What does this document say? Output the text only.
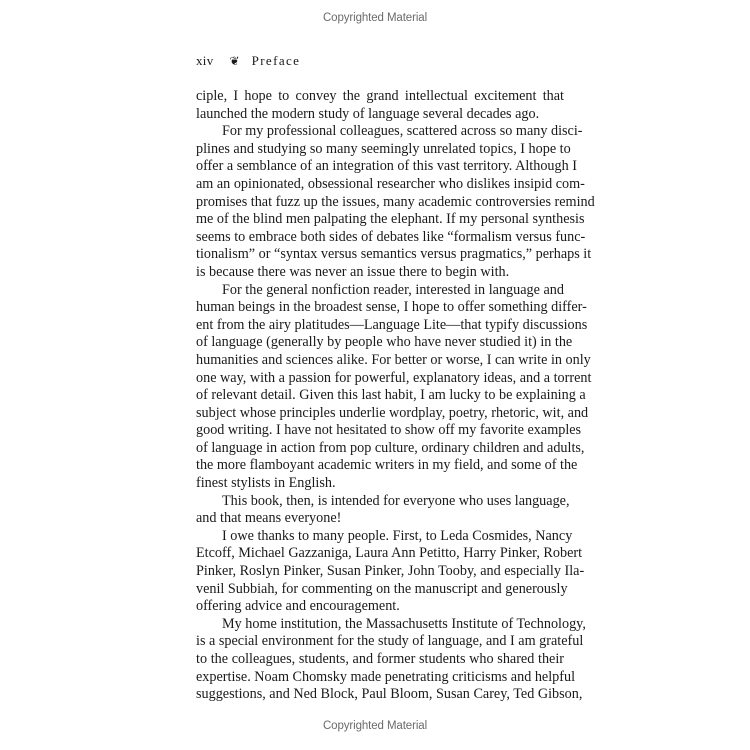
Copyrighted Material
xiv ❦ Preface
ciple, I hope to convey the grand intellectual excitement that
launched the modern study of language several decades ago.
For my professional colleagues, scattered across so many disci-
plines and studying so many seemingly unrelated topics, I hope to
offer a semblance of an integration of this vast territory. Although I
am an opinionated, obsessional researcher who dislikes insipid com-
promises that fuzz up the issues, many academic controversies remind
me of the blind men palpating the elephant. If my personal synthesis
seems to embrace both sides of debates like “formalism versus func-
tionalism” or “syntax versus semantics versus pragmatics,” perhaps it
is because there was never an issue there to begin with.
For the general nonfiction reader, interested in language and
human beings in the broadest sense, I hope to offer something differ-
ent from the airy platitudes—Language Lite—that typify discussions
of language (generally by people who have never studied it) in the
humanities and sciences alike. For better or worse, I can write in only
one way, with a passion for powerful, explanatory ideas, and a torrent
of relevant detail. Given this last habit, I am lucky to be explaining a
subject whose principles underlie wordplay, poetry, rhetoric, wit, and
good writing. I have not hesitated to show off my favorite examples
of language in action from pop culture, ordinary children and adults,
the more flamboyant academic writers in my field, and some of the
finest stylists in English.
This book, then, is intended for everyone who uses language,
and that means everyone!
I owe thanks to many people. First, to Leda Cosmides, Nancy
Etcoff, Michael Gazzaniga, Laura Ann Petitto, Harry Pinker, Robert
Pinker, Roslyn Pinker, Susan Pinker, John Tooby, and especially Ila-
venil Subbiah, for commenting on the manuscript and generously
offering advice and encouragement.
My home institution, the Massachusetts Institute of Technology,
is a special environment for the study of language, and I am grateful
to the colleagues, students, and former students who shared their
expertise. Noam Chomsky made penetrating criticisms and helpful
suggestions, and Ned Block, Paul Bloom, Susan Carey, Ted Gibson,
Copyrighted Material
